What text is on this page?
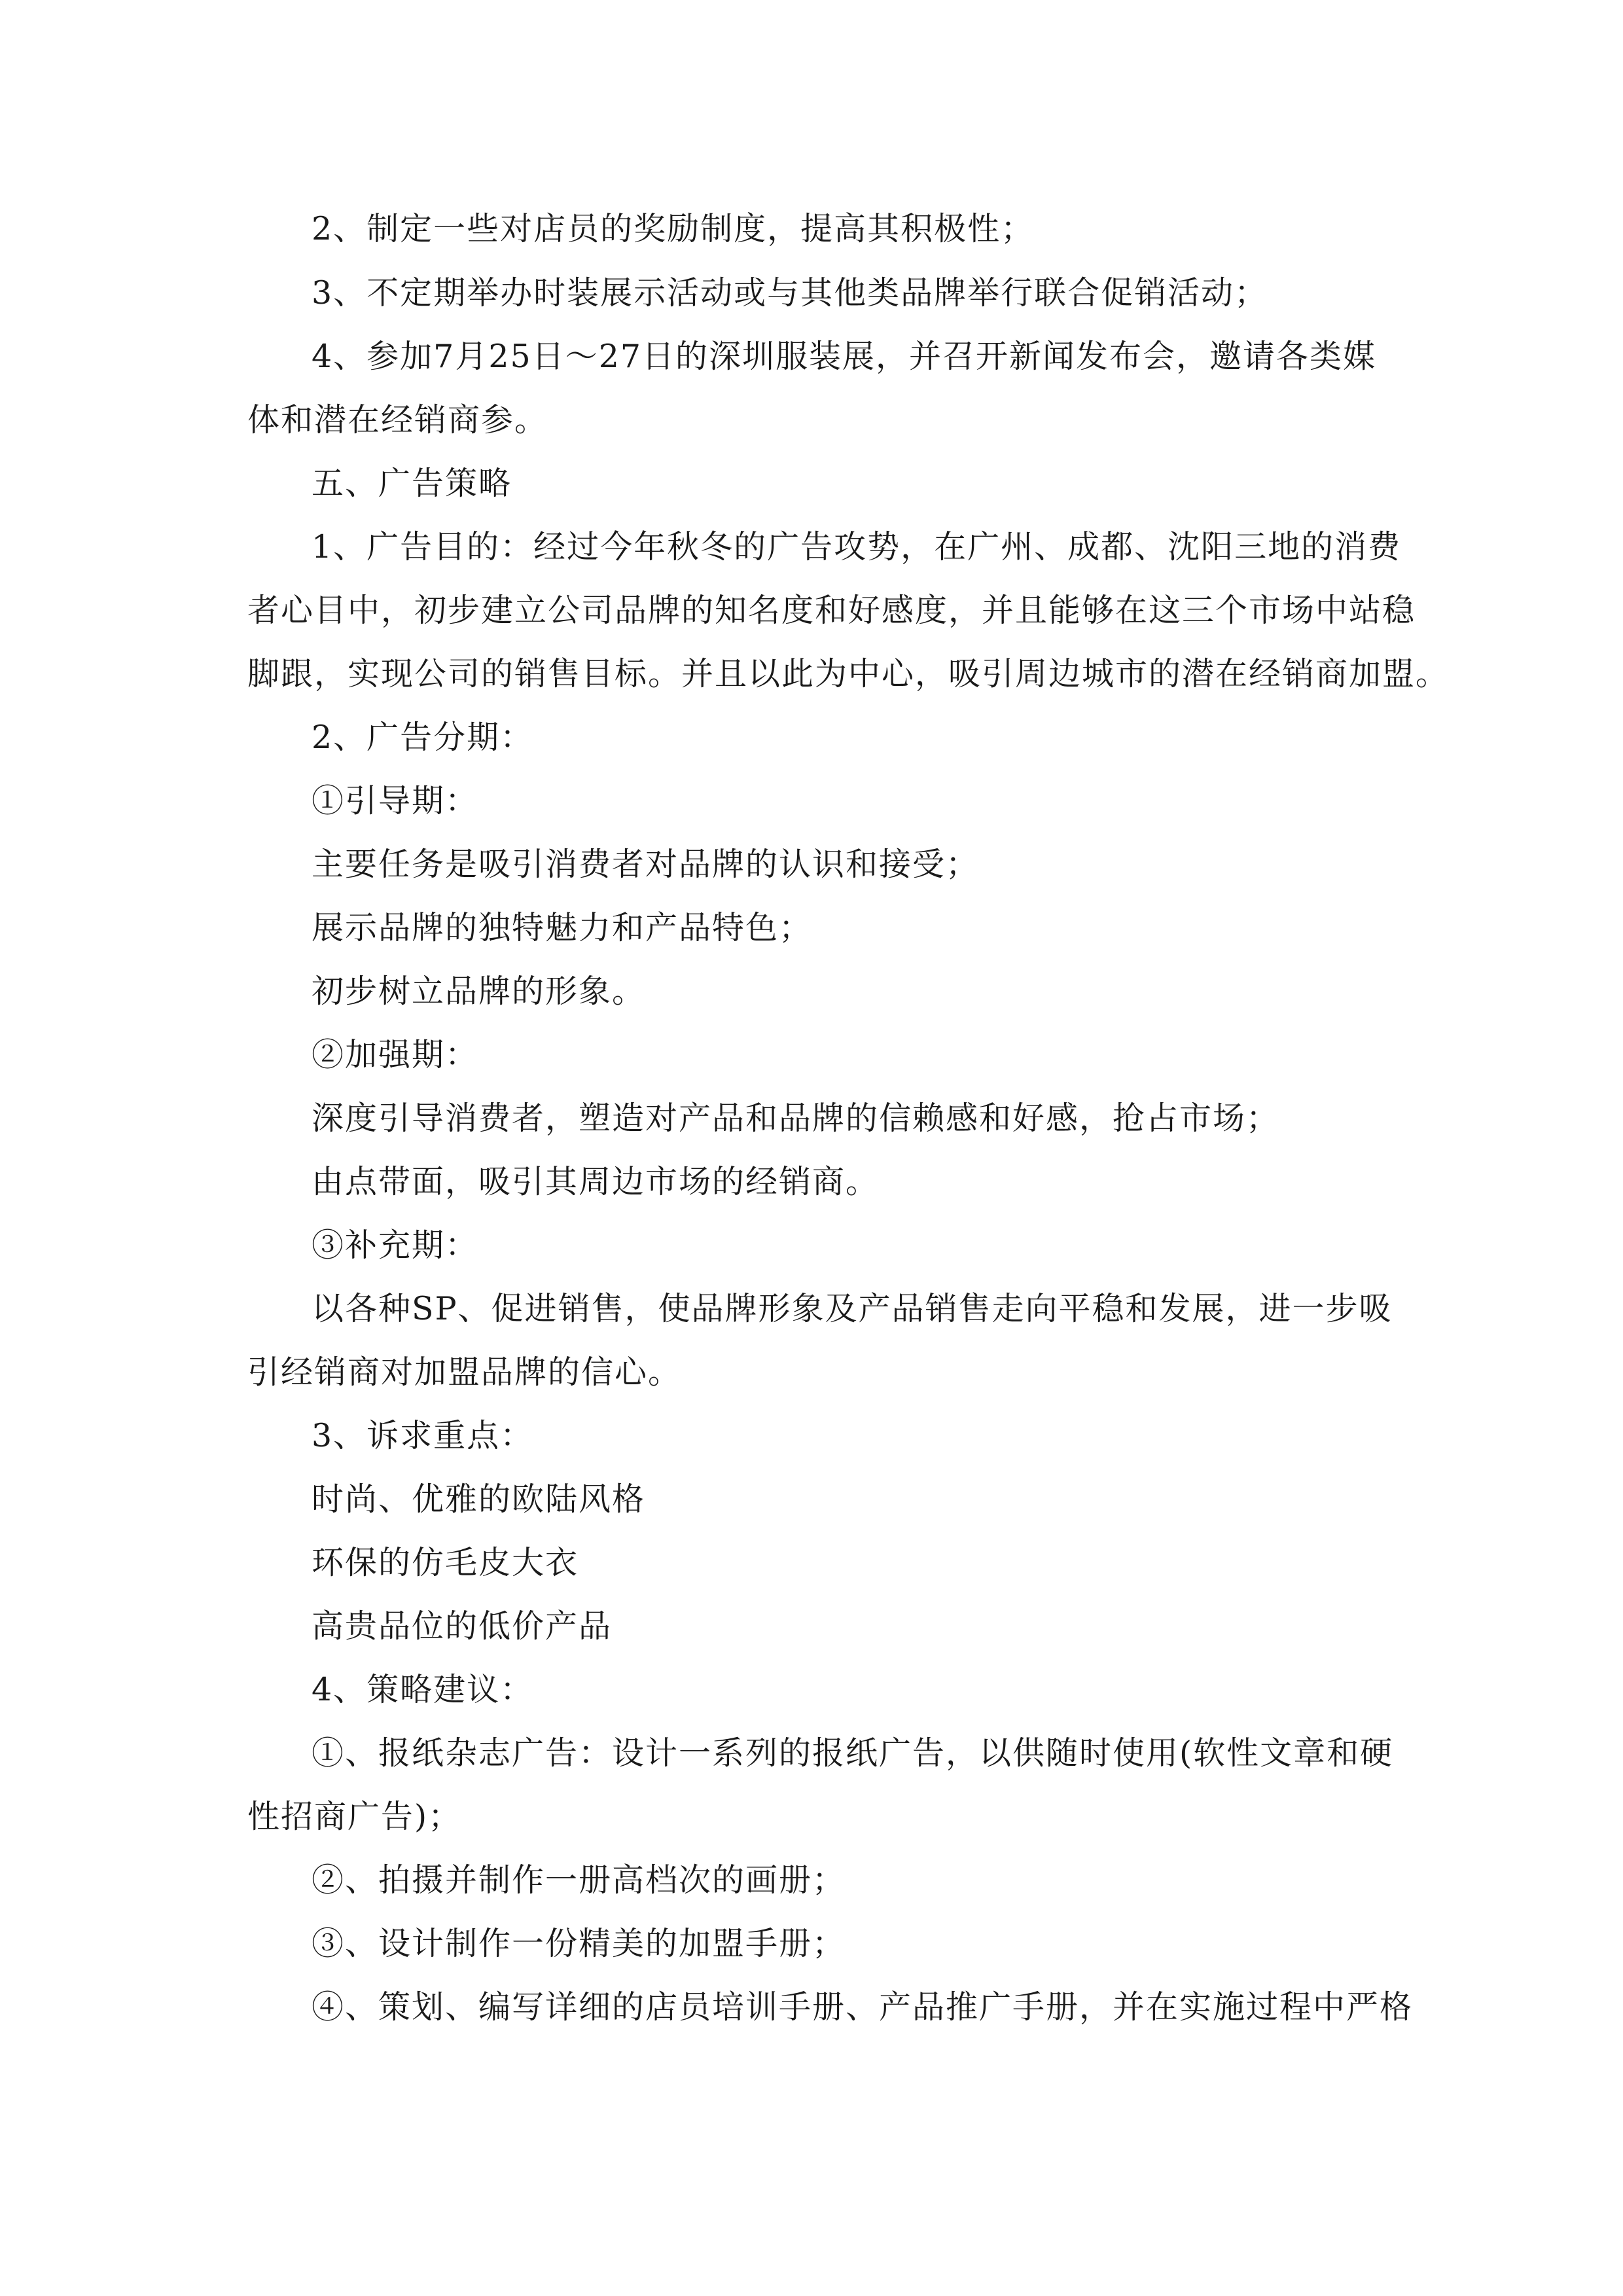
2、制定一些对店员的奖励制度，提高其积极性；
3、不定期举办时装展示活动或与其他类品牌举行联合促销活动；
4、参加7月25日～27日的深圳服装展，并召开新闻发布会，邀请各类媒
体和潜在经销商参。
五、广告策略
1、广告目的：经过今年秋冬的广告攻势，在广州、成都、沈阳三地的消费
者心目中，初步建立公司品牌的知名度和好感度，并且能够在这三个市场中站稳
脚跟，实现公司的销售目标。并且以此为中心，吸引周边城市的潜在经销商加盟。
2、广告分期：
①引导期：
主要任务是吸引消费者对品牌的认识和接受；
展示品牌的独特魅力和产品特色；
初步树立品牌的形象。
②加强期：
深度引导消费者，塑造对产品和品牌的信赖感和好感，抢占市场；
由点带面，吸引其周边市场的经销商。
③补充期：
以各种SP、促进销售，使品牌形象及产品销售走向平稳和发展，进一步吸
引经销商对加盟品牌的信心。
3、诉求重点：
时尚、优雅的欧陆风格
环保的仿毛皮大衣
高贵品位的低价产品
4、策略建议：
①、报纸杂志广告：设计一系列的报纸广告，以供随时使用(软性文章和硬
性招商广告)；
②、拍摄并制作一册高档次的画册；
③、设计制作一份精美的加盟手册；
④、策划、编写详细的店员培训手册、产品推广手册，并在实施过程中严格
